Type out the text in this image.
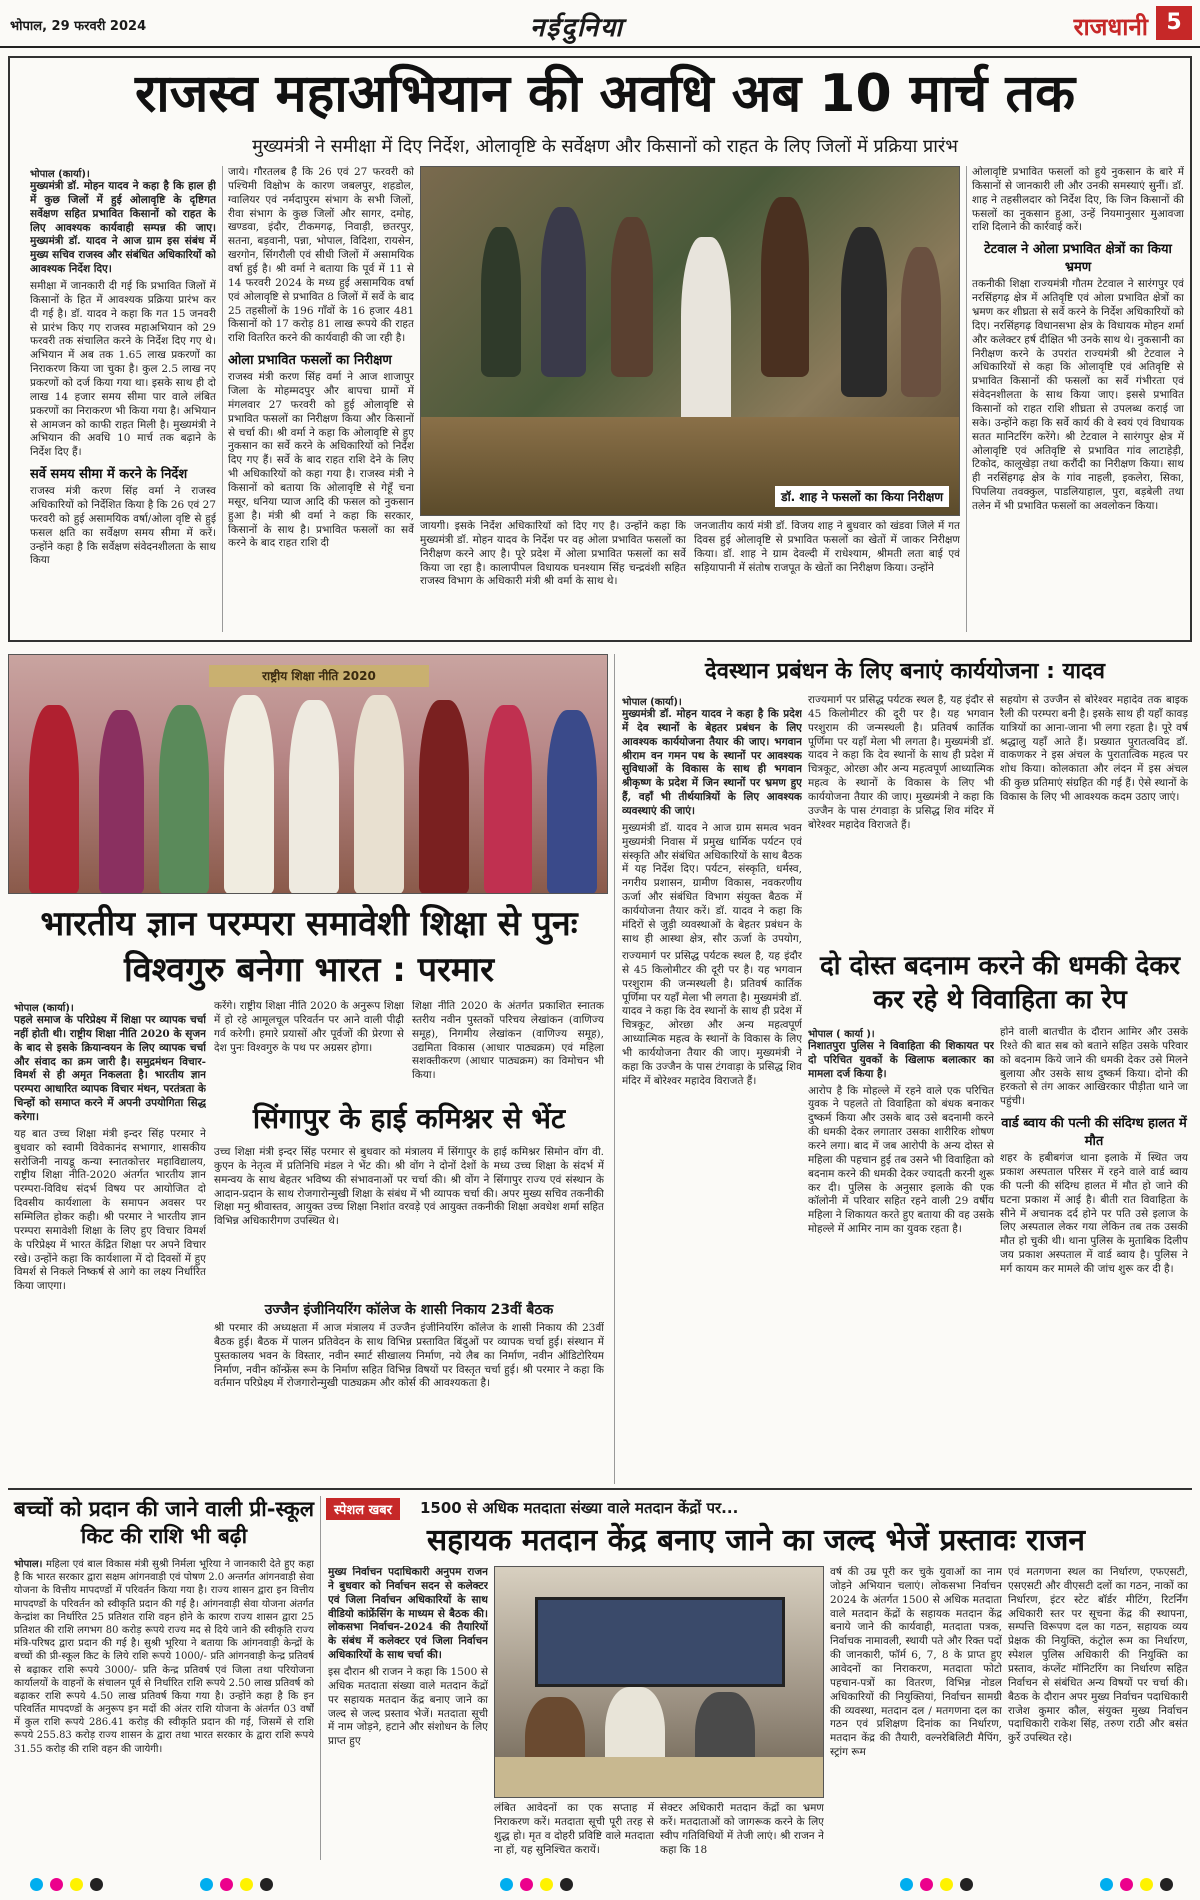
भोपाल, 29 फरवरी 2024	नईदुनिया	राजधानी 5
राजस्व महाअभियान की अवधि अब 10 मार्च तक
मुख्यमंत्री ने समीक्षा में दिए निर्देश, ओलावृष्टि के सर्वेक्षण और किसानों को राहत के लिए जिलों में प्रक्रिया प्रारंभ
भोपाल (कार्या)।

मुख्यमंत्री डॉ. मोहन यादव ने कहा है कि हाल ही में कुछ जिलों में हुई ओलावृष्टि के दृष्टिगत सर्वेक्षण सहित प्रभावित किसानों को राहत के लिए आवश्यक कार्यवाही सम्पन्न की जाए। मुख्यमंत्री डॉ. यादव ने आज ग्राम इस संबंध में मुख्य सचिव राजस्व और संबंधित अधिकारियों को आवश्यक निर्देश दिए।

समीक्षा में जानकारी दी गई कि प्रभावित जिलों में किसानों के हित में आवश्यक प्रक्रिया प्रारंभ कर दी गई है। डॉ. यादव ने कहा कि गत 15 जनवरी से प्रारंभ किए गए राजस्व महाअभियान को 29 फरवरी तक संचालित करने के निर्देश दिए गए थे। अभियान में अब तक 1.65 लाख प्रकरणों का निराकरण किया जा चुका है। कुल 2.5 लाख नए प्रकरणों को दर्ज किया गया था। इसके साथ ही दो लाख 14 हजार समय सीमा पार वाले लंबित प्रकरणों का निराकरण भी किया गया है। अभियान से आमजन को काफी राहत मिली है। मुख्यमंत्री ने अभियान की अवधि 10 मार्च तक बढ़ाने के निर्देश दिए हैं।

सर्वे समय सीमा में करने के निर्देश

राजस्व मंत्री करण सिंह वर्मा ने राजस्व अधिकारियों को निर्देशित किया है कि 26 एवं 27 फरवरी को हुई असामयिक वर्षा/ओला वृष्टि से हुई फसल क्षति का सर्वेक्षण समय सीमा में करें। उन्होंने कहा है कि सर्वेक्षण संवेदनशीलता के साथ किया

जाये। गौरतलब है कि 26 एवं 27 फरवरी को पश्चिमी विक्षोभ के कारण जबलपुर, शहडोल, ग्वालियर एवं नर्मदापुरम संभाग के सभी जिलों, रीवा संभाग के कुछ जिलों और सागर, दमोह, खण्डवा, इंदौर, टीकमगढ़, निवाड़ी, छतरपुर, सतना, बड़वानी, पन्ना, भोपाल, विदिशा, रायसेन, खरगोन, सिंगरौली एवं सीधी जिलों में असामयिक वर्षा हुई है। श्री वर्मा ने बताया कि पूर्व में 11 से 14 फरवरी 2024 के मध्य हुई असामयिक वर्षा एवं ओलावृष्टि से प्रभावित 8 जिलों में सर्वे के बाद 25 तहसीलों के 196 गाँवों के 16 हजार 481 किसानों को 17 करोड़ 81 लाख रूपये की राहत राशि वितरित करने की कार्यवाही की जा रही है।

ओला प्रभावित फसलों का निरीक्षण

राजस्व मंत्री करण सिंह वर्मा ने आज शाजापुर जिला के मोहम्मदपुर और बापचा ग्रामों में मंगलवार 27 फरवरी को हुई ओलावृष्टि से प्रभावित फसलों का निरीक्षण किया और किसानों से चर्चा की। श्री वर्मा ने कहा कि ओलावृष्टि से हुए नुकसान का सर्वे करने के अधिकारियों को निर्देश दिए गए हैं। सर्वे के बाद राहत राशि देने के लिए भी अधिकारियों को कहा गया है। राजस्व मंत्री ने किसानों को बताया कि ओलावृष्टि से गेहूँ चना मसूर, धनिया प्याज आदि की फसल को नुकसान हुआ है। मंत्री श्री वर्मा ने कहा कि सरकार, किसानों के साथ है। प्रभावित फसलों का सर्वे करने के बाद राहत राशि दी

डॉ. शाह ने फसलों का किया निरीक्षण

जायगी। इसके निर्देश अधिकारियों को दिए गए है। उन्होंने कहा कि मुख्यमंत्री डॉ. मोहन यादव के निर्देश पर वह ओला प्रभावित फसलों का निरीक्षण करने आए है। पूरे प्रदेश में ओला प्रभावित फसलों का सर्वे किया जा रहा है। कालापीपल विधायक घनश्याम सिंह चन्द्रवंशी सहित राजस्व विभाग के अधिकारी मंत्री श्री वर्मा के साथ थे।

जनजातीय कार्य मंत्री डॉ. विजय शाह ने बुधवार को खंडवा जिले में गत दिवस हुई ओलावृष्टि से प्रभावित फसलों का खेतों में जाकर निरीक्षण किया। डॉ. शाह ने ग्राम देवल्दी में राधेश्याम, श्रीमती लता बाई एवं सड़ियापानी में संतोष राजपूत के खेतों का निरीक्षण किया। उन्होंने

ओलावृष्टि प्रभावित फसलों को हुये नुकसान के बारे में किसानों से जानकारी ली और उनकी समस्याएं सुनीं। डॉ. शाह ने तहसीलदार को निर्देश दिए, कि जिन किसानों की फसलों का नुकसान हुआ, उन्हें नियमानुसार मुआवजा राशि दिलाने की कार्रवाई करें।

टेटवाल ने ओला प्रभावित क्षेत्रों का किया भ्रमण

तकनीकी शिक्षा राज्यमंत्री गौतम टेटवाल ने सारंगपुर एवं नरसिंहगढ़ क्षेत्र में अतिवृष्टि एवं ओला प्रभावित क्षेत्रों का भ्रमण कर शीघ्रता से सर्वे करने के निर्देश अधिकारियों को दिए। नरसिंहगढ़ विधानसभा क्षेत्र के विधायक मोहन शर्मा और कलेक्टर हर्ष दीक्षित भी उनके साथ थे। नुकसानी का निरीक्षण करने के उपरांत राज्यमंत्री श्री टेटवाल ने अधिकारियों से कहा कि ओलावृष्टि एवं अतिवृष्टि से प्रभावित किसानों की फसलों का सर्वे गंभीरता एवं संवेदनशीलता के साथ किया जाए। इससे प्रभावित किसानों को राहत राशि शीघ्रता से उपलब्ध कराई जा सके। उन्होंने कहा कि सर्वे कार्य की वे स्वयं एवं विधायक सतत मानिटरिंग करेंगे। श्री टेटवाल ने सारंगपुर क्षेत्र में ओलावृष्टि एवं अतिवृष्टि से प्रभावित गांव लाटाहेड़ी, टिकोद, कालूखेड़ा तथा करौंदी का निरीक्षण किया। साथ ही नरसिंहगढ़ क्षेत्र के गांव नाहली, इकलेरा, सिका, पिपलिया तवक्कुल, पाडलियाहाल, पुरा, बड़बेली तथा तलेन में भी प्रभावित फसलों का अवलोकन किया।

राष्ट्रीय शिक्षा नीति 2020
भारतीय ज्ञान परम्परा समावेशी शिक्षा से पुनः विश्वगुरु बनेगा भारत : परमार
भोपाल (कार्या)।

पहले समाज के परिप्रेक्ष्य में शिक्षा पर व्यापक चर्चा नहीं होती थी। राष्ट्रीय शिक्षा नीति 2020 के सृजन के बाद से इसके क्रियान्वयन के लिए व्यापक चर्चा और संवाद का क्रम जारी है। समुद्रमंथन विचार-विमर्श से ही अमृत निकलता है। भारतीय ज्ञान परम्परा आधारित व्यापक विचार मंथन, परतंत्रता के चिन्हों को समाप्त करने में अपनी उपयोगिता सिद्ध करेगा।

यह बात उच्च शिक्षा मंत्री इन्दर सिंह परमार ने बुधवार को स्वामी विवेकानंद सभागार, शासकीय सरोजिनी नायडू कन्या स्नातकोत्तर महाविद्यालय, राष्ट्रीय शिक्षा नीति-2020 अंतर्गत भारतीय ज्ञान परम्परा-विविध संदर्भ विषय पर आयोजित दो दिवसीय कार्यशाला के समापन अवसर पर सम्मिलित होकर कही। श्री परमार ने भारतीय ज्ञान परम्परा समावेशी शिक्षा के लिए हुए विचार विमर्श के परिप्रेक्ष्य में भारत केंद्रित शिक्षा पर अपने विचार रखे। उन्होंने कहा कि कार्यशाला में दो दिवसों में हुए विमर्श से निकले निष्कर्ष से आगे का लक्ष्य निर्धारित किया जाएगा।

करेंगे। राष्ट्रीय शिक्षा नीति 2020 के अनुरूप शिक्षा में हो रहे आमूलचूल परिवर्तन पर आने वाली पीढ़ी गर्व करेगी। हमारे प्रयासों और पूर्वजों की प्रेरणा से देश पुनः विश्वगुरु के पथ पर अग्रसर होगा।

शिक्षा नीति 2020 के अंतर्गत प्रकाशित स्नातक स्तरीय नवीन पुस्तकों परिचय लेखांकन (वाणिज्य समूह), निगमीय लेखांकन (वाणिज्य समूह), उद्यमिता विकास (आधार पाठ्यक्रम) एवं महिला सशक्तीकरण (आधार पाठ्यक्रम) का विमोचन भी किया।

सिंगापुर के हाई कमिश्नर से भेंट

उच्च शिक्षा मंत्री इन्दर सिंह परमार से बुधवार को मंत्रालय में सिंगापुर के हाई कमिश्नर सिमोन वोंग वी. कुएन के नेतृत्व में प्रतिनिधि मंडल ने भेंट की। श्री वोंग ने दोनों देशों के मध्य उच्च शिक्षा के संदर्भ में समन्वय के साथ बेहतर भविष्य की संभावनाओं पर चर्चा की। श्री वोंग ने सिंगापुर राज्य एवं संस्थान के आदान-प्रदान के साथ रोजगारोन्मुखी शिक्षा के संबंध में भी व्यापक चर्चा की। अपर मुख्य सचिव तकनीकी शिक्षा मनु श्रीवास्तव, आयुक्त उच्च शिक्षा निशांत वरवड़े एवं आयुक्त तकनीकी शिक्षा अवधेश शर्मा सहित विभिन्न अधिकारीगण उपस्थित थे।

उज्जैन इंजीनियरिंग कॉलेज के शासी निकाय 23वीं बैठक

श्री परमार की अध्यक्षता में आज मंत्रालय में उज्जैन इंजीनियरिंग कॉलेज के शासी निकाय की 23वीं बैठक हुई। बैठक में पालन प्रतिवेदन के साथ विभिन्न प्रस्तावित बिंदुओं पर व्यापक चर्चा हुई। संस्थान में पुस्तकालय भवन के विस्तार, नवीन स्मार्ट सीखालय निर्माण, नये लैब का निर्माण, नवीन ऑडिटोरियम निर्माण, नवीन कॉन्फ्रेंस रूम के निर्माण सहित विभिन्न विषयों पर विस्तृत चर्चा हुई। श्री परमार ने कहा कि वर्तमान परिप्रेक्ष्य में रोजगारोन्मुखी पाठ्यक्रम और कोर्स की आवश्यकता है।

देवस्थान प्रबंधन के लिए बनाएं कार्ययोजना : यादव
भोपाल (कार्या)।

मुख्यमंत्री डॉ. मोहन यादव ने कहा है कि प्रदेश में देव स्थानों के बेहतर प्रबंधन के लिए आवश्यक कार्ययोजना तैयार की जाए। भगवान श्रीराम वन गमन पथ के स्थानों पर आवश्यक सुविधाओं के विकास के साथ ही भगवान श्रीकृष्ण के प्रदेश में जिन स्थानों पर भ्रमण हुए हैं, वहाँ भी तीर्थयात्रियों के लिए आवश्यक व्यवस्थाएं की जाएं।

मुख्यमंत्री डॉ. यादव ने आज ग्राम समत्व भवन मुख्यमंत्री निवास में प्रमुख धार्मिक पर्यटन एवं संस्कृति और संबंधित अधिकारियों के साथ बैठक में यह निर्देश दिए। पर्यटन, संस्कृति, धर्मस्व, नगरीय प्रशासन, ग्रामीण विकास, नवकरणीय ऊर्जा और संबंधित विभाग संयुक्त बैठक में कार्ययोजना तैयार करें। डॉ. यादव ने कहा कि मंदिरों से जुड़ी व्यवस्थाओं के बेहतर प्रबंधन के साथ ही आस्था क्षेत्र, सौर ऊर्जा के उपयोग,

राज्यमार्ग पर प्रसिद्ध पर्यटक स्थल है, यह इंदौर से 45 किलोमीटर की दूरी पर है। यह भगवान परशुराम की जन्मस्थली है। प्रतिवर्ष कार्तिक पूर्णिमा पर यहाँ मेला भी लगता है। मुख्यमंत्री डॉ. यादव ने कहा कि देव स्थानों के साथ ही प्रदेश में चित्रकूट, ओरछा और अन्य महत्वपूर्ण आध्यात्मिक महत्व के स्थानों के विकास के लिए भी कार्ययोजना तैयार की जाए। मुख्यमंत्री ने कहा कि उज्जैन के पास टंगवाड़ा के प्रसिद्ध शिव मंदिर में बोरेश्वर महादेव विराजते हैं।

सहयोग से उज्जैन से बोरेश्वर महादेव तक बाइक रैली की परम्परा बनी है। इसके साथ ही यहाँ कावड़ यात्रियों का आना-जाना भी लगा रहता है। पूरे वर्ष श्रद्धालु यहाँ आते हैं। प्रख्यात पुरातत्वविद डॉ. वाकणकर ने इस अंचल के पुरातात्विक महत्व पर शोध किया। कोलकाता और लंदन में इस अंचल की कुछ प्रतिमाएं संग्रहित की गई हैं। ऐसे स्थानों के विकास के लिए भी आवश्यक कदम उठाए जाएं।

दो दोस्त बदनाम करने की धमकी देकर कर रहे थे विवाहिता का रेप

राज्यमार्ग पर प्रसिद्ध पर्यटक स्थल है, यह इंदौर से 45 किलोमीटर की दूरी पर है। यह भगवान परशुराम की जन्मस्थली है। प्रतिवर्ष कार्तिक पूर्णिमा पर यहाँ मेला भी लगता है। मुख्यमंत्री डॉ. यादव ने कहा कि देव स्थानों के साथ ही प्रदेश में चित्रकूट, ओरछा और अन्य महत्वपूर्ण आध्यात्मिक महत्व के स्थानों के विकास के लिए भी कार्ययोजना तैयार की जाए। मुख्यमंत्री ने कहा कि उज्जैन के पास टंगवाड़ा के प्रसिद्ध शिव मंदिर में बोरेश्वर महादेव विराजते हैं।

भोपाल ( कार्या )।

निशातपुरा पुलिस ने विवाहिता की शिकायत पर दो परिचित युवकों के खिलाफ बलात्कार का मामला दर्ज किया है।

आरोप है कि मोहल्ले में रहने वाले एक परिचित युवक ने पहलते तो विवाहिता को बंधक बनाकर दुष्कर्म किया और उसके बाद उसे बदनामी करने की धमकी देकर लगातार उसका शारीरिक शोषण करने लगा। बाद में जब आरोपी के अन्य दोस्त से महिला की पहचान हुई तब उसने भी विवाहिता को बदनाम करने की धमकी देकर ज्यादती करनी शुरू कर दी। पुलिस के अनुसार इलाके की एक कॉलोनी में परिवार सहित रहने वाली 29 वर्षीय महिला ने शिकायत करते हुए बताया की वह उसके मोहल्ले में आमिर नाम का युवक रहता है।

होने वाली बातचीत के दौरान आमिर और उसके रिश्ते की बात सब को बताने सहित उसके परिवार को बदनाम किये जाने की धमकी देकर उसे मिलने बुलाया और उसके साथ दुष्कर्म किया। दोनो की हरकतो से तंग आकर आखिरकार पीड़ीता थाने जा पहुंची।

वार्ड ब्वाय की पत्नी की संदिग्ध हालत में मौत

शहर के हबीबगंज थाना इलाके में स्थित जय प्रकाश अस्पताल परिसर में रहने वाले वार्ड ब्वाय की पत्नी की संदिग्ध हालत में मौत हो जाने की घटना प्रकाश में आई है। बीती रात विवाहिता के सीने में अचानक दर्द होने पर पति उसे इलाज के लिए अस्पताल लेकर गया लेकिन तब तक उसकी मौत हो चुकी थी। थाना पुलिस के मुताबिक दिलीप जय प्रकाश अस्पताल में वार्ड ब्वाय है। पुलिस ने मर्ग कायम कर मामले की जांच शुरू कर दी है।

बच्चों को प्रदान की जाने वाली प्री-स्कूल किट की राशि भी बढ़ी
भोपाल। महिला एवं बाल विकास मंत्री सुश्री निर्मला भूरिया ने जानकारी देते हुए कहा है कि भारत सरकार द्वारा सक्षम आंगनवाड़ी एवं पोषण 2.0 अन्तर्गत आंगनवाड़ी सेवा योजना के वित्तीय मापदण्डों में परिवर्तन किया गया है। राज्य शासन द्वारा इन वित्तीय मापदण्डों के परिवर्तन को स्वीकृति प्रदान की गई है। आंगनवाड़ी सेवा योजना अंतर्गत केन्द्रांश का निर्धारित 25 प्रतिशत राशि वहन होने के कारण राज्य शासन द्वारा 25 प्रतिशत की राशि लगभग 80 करोड़ रूपये राज्य मद से दिये जाने की स्वीकृति राज्य मंत्रि-परिषद द्वारा प्रदान की गई है। सुश्री भूरिया ने बताया कि आंगनवाड़ी केन्द्रों के बच्चों की प्री-स्कूल किट के लिये राशि रूपये 1000/- प्रति आंगनवाड़ी केन्द्र प्रतिवर्ष से बढ़ाकर राशि रूपये 3000/- प्रति केन्द्र प्रतिवर्ष एवं जिला तथा परियोजना कार्यालयों के वाहनों के संचालन पूर्व से निर्धारित राशि रूपये 2.50 लाख प्रतिवर्ष को बढ़ाकर राशि रूपये 4.50 लाख प्रतिवर्ष किया गया है। उन्होंने कहा है कि इन परिवर्तित मापदण्डों के अनुरूप इन मदों की अंतर राशि योजना के अंतर्गत 03 वर्षों में कुल राशि रूपये 286.41 करोड़ की स्वीकृति प्रदान की गई, जिसमें से राशि रूपये 255.83 करोड़ राज्य शासन के द्वारा तथा भारत सरकार के द्वारा राशि रूपये 31.55 करोड़ की राशि वहन की जायेगी।
स्पेशल खबर	1500 से अधिक मतदाता संख्या वाले मतदान केंद्रों पर...
सहायक मतदान केंद्र बनाए जाने का जल्द भेजें प्रस्तावः राजन

मुख्य निर्वाचन पदाधिकारी अनुपम राजन ने बुधवार को निर्वाचन सदन से कलेक्टर एवं जिला निर्वाचन अधिकारियों के साथ वीडियो कांफ्रेंसिंग के माध्यम से बैठक की। लोकसभा निर्वाचन-2024 की तैयारियों के संबंध में कलेक्टर एवं जिला निर्वाचन अधिकारियों के साथ चर्चा की।

इस दौरान श्री राजन ने कहा कि 1500 से अधिक मतदाता संख्या वाले मतदान केंद्रों पर सहायक मतदान केंद्र बनाए जाने का जल्द से जल्द प्रस्ताव भेजें। मतदाता सूची में नाम जोड़ने, हटाने और संशोधन के लिए प्राप्त हुए

लंबित आवेदनों का एक सप्ताह में निराकरण करें। मतदाता सूची पूरी तरह से शुद्ध हो। मृत व दोहरी प्रविष्टि वाले मतदाता ना हों, यह सुनिश्चित करायें।

सेक्टर अधिकारी मतदान केंद्रों का भ्रमण करें। मतदाताओं को जागरूक करने के लिए स्वीप गतिविधियों में तेजी लाएं। श्री राजन ने कहा कि 18

वर्ष की उम्र पूरी कर चुके युवाओं का नाम जोड़ने अभियान चलाएं। लोकसभा निर्वाचन 2024 के अंतर्गत 1500 से अधिक मतदाता वाले मतदान केंद्रों के सहायक मतदान केंद्र बनाये जाने की कार्यवाही, मतदाता पत्रक, निर्वाचक नामावली, स्थायी पते और रिक्त पदों की जानकारी, फॉर्म 6, 7, 8 के प्राप्त हुए आवेदनों का निराकरण, मतदाता फोटो पहचान-पत्रों का वितरण, विभिन्न नोडल अधिकारियों की नियुक्तियां, निर्वाचन सामग्री की व्यवस्था, मतदान दल / मतगणना दल का गठन एवं प्रशिक्षण दिनांक का निर्धारण, मतदान केंद्र की तैयारी, वल्नरेबिलिटी मैपिंग, स्ट्रांग रूम

एवं मतगणना स्थल का निर्धारण, एफएसटी, एसएसटी और वीएसटी दलों का गठन, नाकों का निर्धारण, इंटर स्टेट बॉर्डर मीटिंग, रिटर्निंग अधिकारी स्तर पर सूचना केंद्र की स्थापना, सम्पत्ति विरूपण दल का गठन, सहायक व्यय प्रेक्षक की नियुक्ति, कंट्रोल रूम का निर्धारण, स्पेशल पुलिस अधिकारी की नियुक्ति का प्रस्ताव, कंप्लेंट मॉनिटरिंग का निर्धारण सहित निर्वाचन से संबंधित अन्य विषयों पर चर्चा की। बैठक के दौरान अपर मुख्य निर्वाचन पदाधिकारी राजेश कुमार कौल, संयुक्त मुख्य निर्वाचन पदाधिकारी राकेश सिंह, तरुण राठी और बसंत कुर्रे उपस्थित रहे।
